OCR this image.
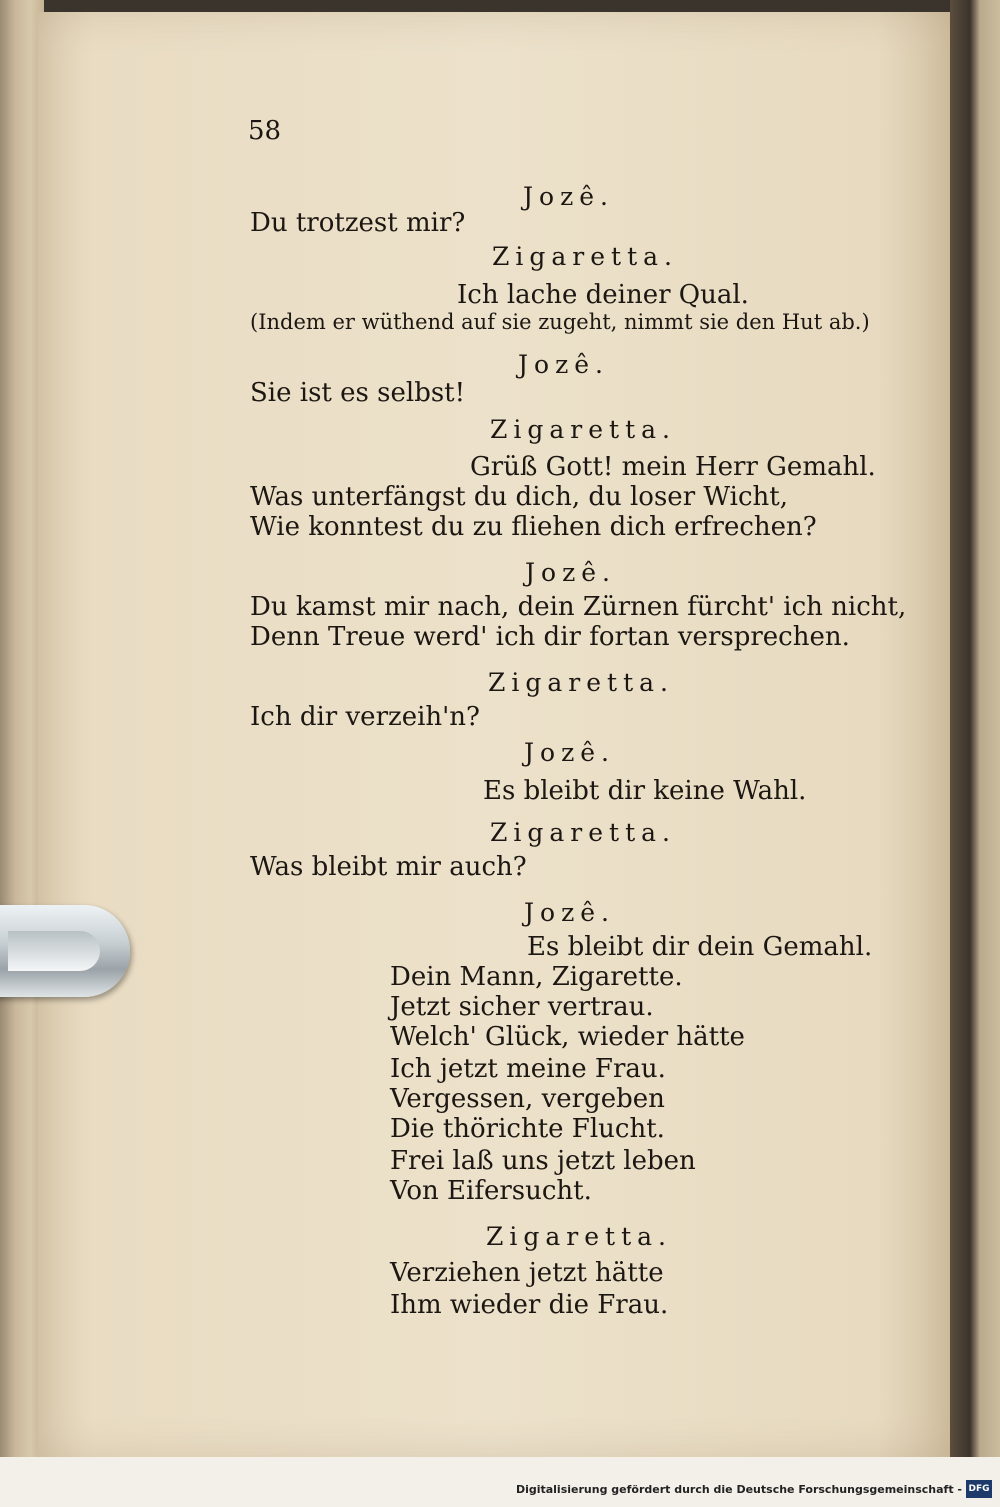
58
Jozê.
Du trotzest mir?
Zigaretta.
Ich lache deiner Qual.
(Indem er wüthend auf sie zugeht, nimmt sie den Hut ab.)
Jozê.
Sie ist es selbst!
Zigaretta.
Grüß Gott! mein Herr Gemahl.
Was unterfängst du dich, du loser Wicht,
Wie konntest du zu fliehen dich erfrechen?
Jozê.
Du kamst mir nach, dein Zürnen fürcht' ich nicht,
Denn Treue werd' ich dir fortan versprechen.
Zigaretta.
Ich dir verzeih'n?
Jozê.
Es bleibt dir keine Wahl.
Zigaretta.
Was bleibt mir auch?
Jozê.
Es bleibt dir dein Gemahl.
Dein Mann, Zigarette.
Jetzt sicher vertrau.
Welch' Glück, wieder hätte
Ich jetzt meine Frau.
Vergessen, vergeben
Die thörichte Flucht.
Frei laß uns jetzt leben
Von Eifersucht.
Zigaretta.
Verziehen jetzt hätte
Ihm wieder die Frau.
Digitalisierung gefördert durch die Deutsche Forschungsgemeinschaft - DFG
